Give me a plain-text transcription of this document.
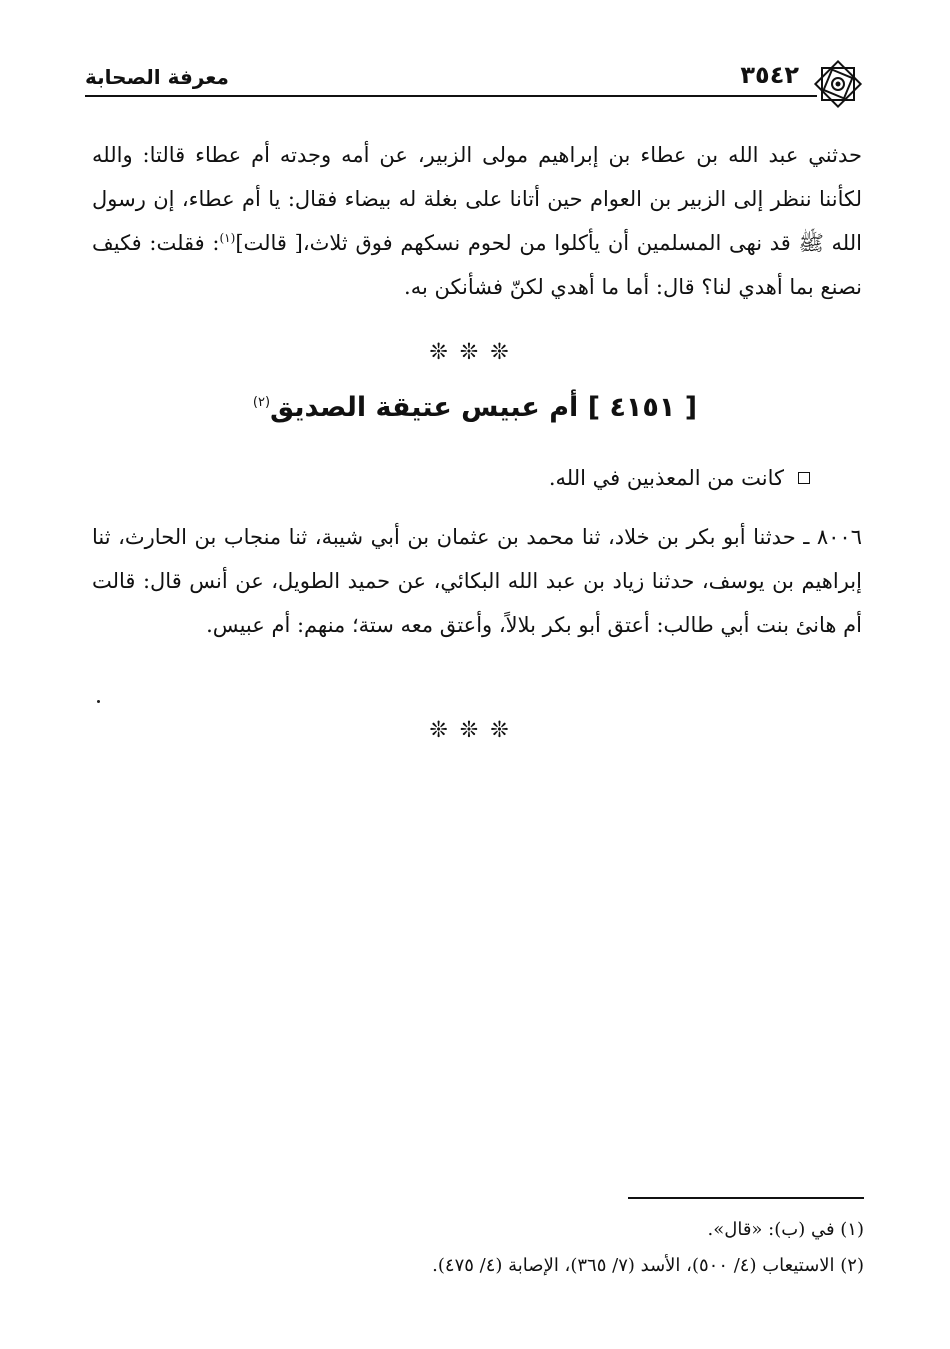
٣٥٤٢
معرفة الصحابة

حدثني عبد الله بن عطاء بن إبراهيم مولى الزبير، عن أمه وجدته أم عطاء قالتا: والله لكأننا ننظر إلى الزبير بن العوام حين أتانا على بغلة له بيضاء فقال: يا أم عطاء، إن رسول الله ﷺ قد نهى المسلمين أن يأكلوا من لحوم نسكهم فوق ثلاث،[ قالت]$^{(١)}$: فقلت: فكيف نصنع بما أهدي لنا؟ قال: أما ما أهدي لكنّ فشأنكن به.

❊❊❊
[ ٤١٥١ ] أم عبيس عتيقة الصديق$^{(٢)}$
كانت من المعذبين في الله.

٨٠٠٦ ـ حدثنا أبو بكر بن خلاد، ثنا محمد بن عثمان بن أبي شيبة، ثنا منجاب بن الحارث، ثنا إبراهيم بن يوسف، حدثنا زياد بن عبد الله البكائي، عن حميد الطويل، عن أنس قال: قالت أم هانئ بنت أبي طالب: أعتق أبو بكر بلالاً، وأعتق معه ستة؛ منهم: أم عبيس.

❊❊❊
(١) في (ب): «قال».
(٢) الاستيعاب (٤/ ٥٠٠)، الأسد (٧/ ٣٦٥)، الإصابة (٤/ ٤٧٥).
